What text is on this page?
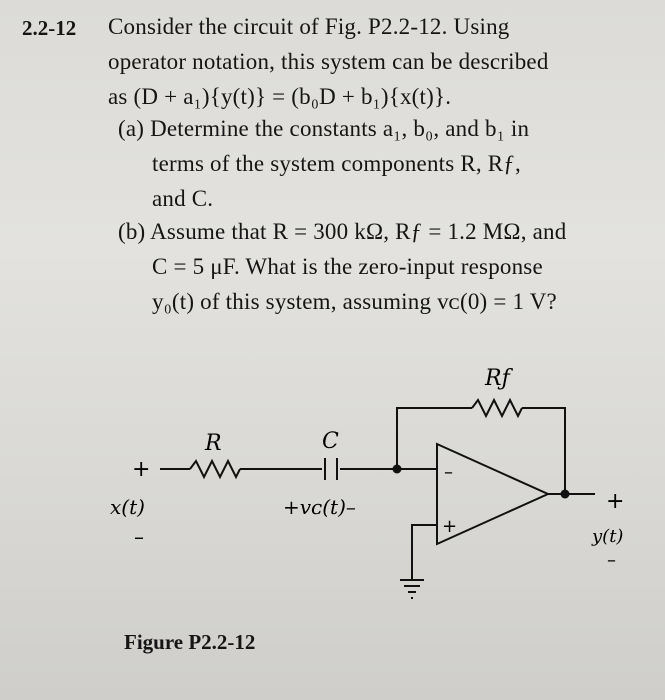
2.2-12 Consider the circuit of Fig. P2.2-12. Using
operator notation, this system can be described
as (D + a₁){y(t)} = (b₀D + b₁){x(t)}.
(a) Determine the constants a₁, b₀, and b₁ in
terms of the system components R, Rƒ,
and C.
(b) Assume that R = 300 kΩ, Rƒ = 1.2 MΩ, and
C = 5 μF. What is the zero-input response
y₀(t) of this system, assuming vᴄ(0) = 1 V?
Rƒ
R	C
+
x(t)
–
+vᴄ(t)–
–
+
+
y(t)
–
Figure P2.2-12
